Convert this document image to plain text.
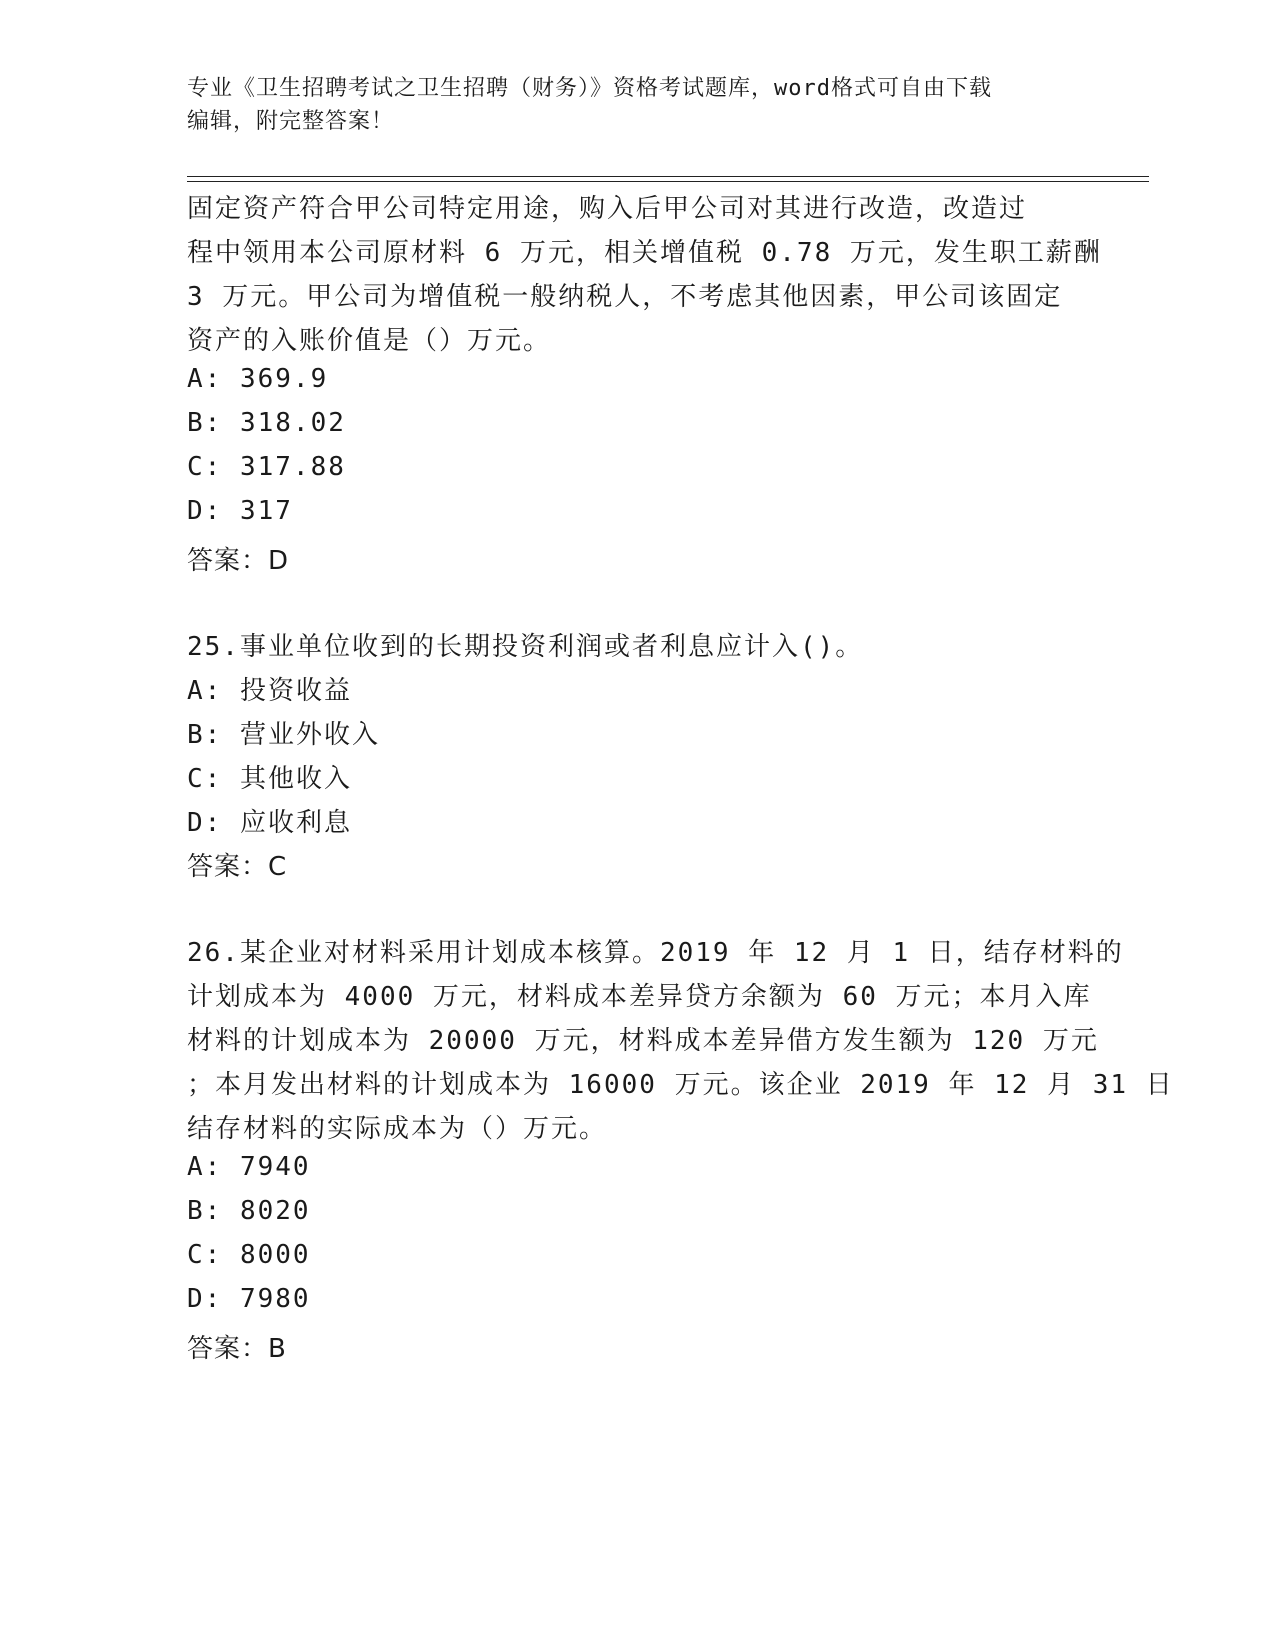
专业《卫生招聘考试之卫生招聘（财务）》资格考试题库，word格式可自由下载
编辑，附完整答案！
固定资产符合甲公司特定用途，购入后甲公司对其进行改造，改造过
程中领用本公司原材料 6 万元，相关增值税 0.78 万元，发生职工薪酬
3 万元。甲公司为增值税一般纳税人，不考虑其他因素，甲公司该固定
资产的入账价值是（）万元。
A: 369.9
B: 318.02
C: 317.88
D: 317
答案：D
25.事业单位收到的长期投资利润或者利息应计入()。
A: 投资收益
B: 营业外收入
C: 其他收入
D: 应收利息
答案：C
26.某企业对材料采用计划成本核算。2019 年 12 月 1 日，结存材料的
计划成本为 4000 万元，材料成本差异贷方余额为 60 万元；本月入库
材料的计划成本为 20000 万元，材料成本差异借方发生额为 120 万元
；本月发出材料的计划成本为 16000 万元。该企业 2019 年 12 月 31 日
结存材料的实际成本为（）万元。
A: 7940
B: 8020
C: 8000
D: 7980
答案：B
